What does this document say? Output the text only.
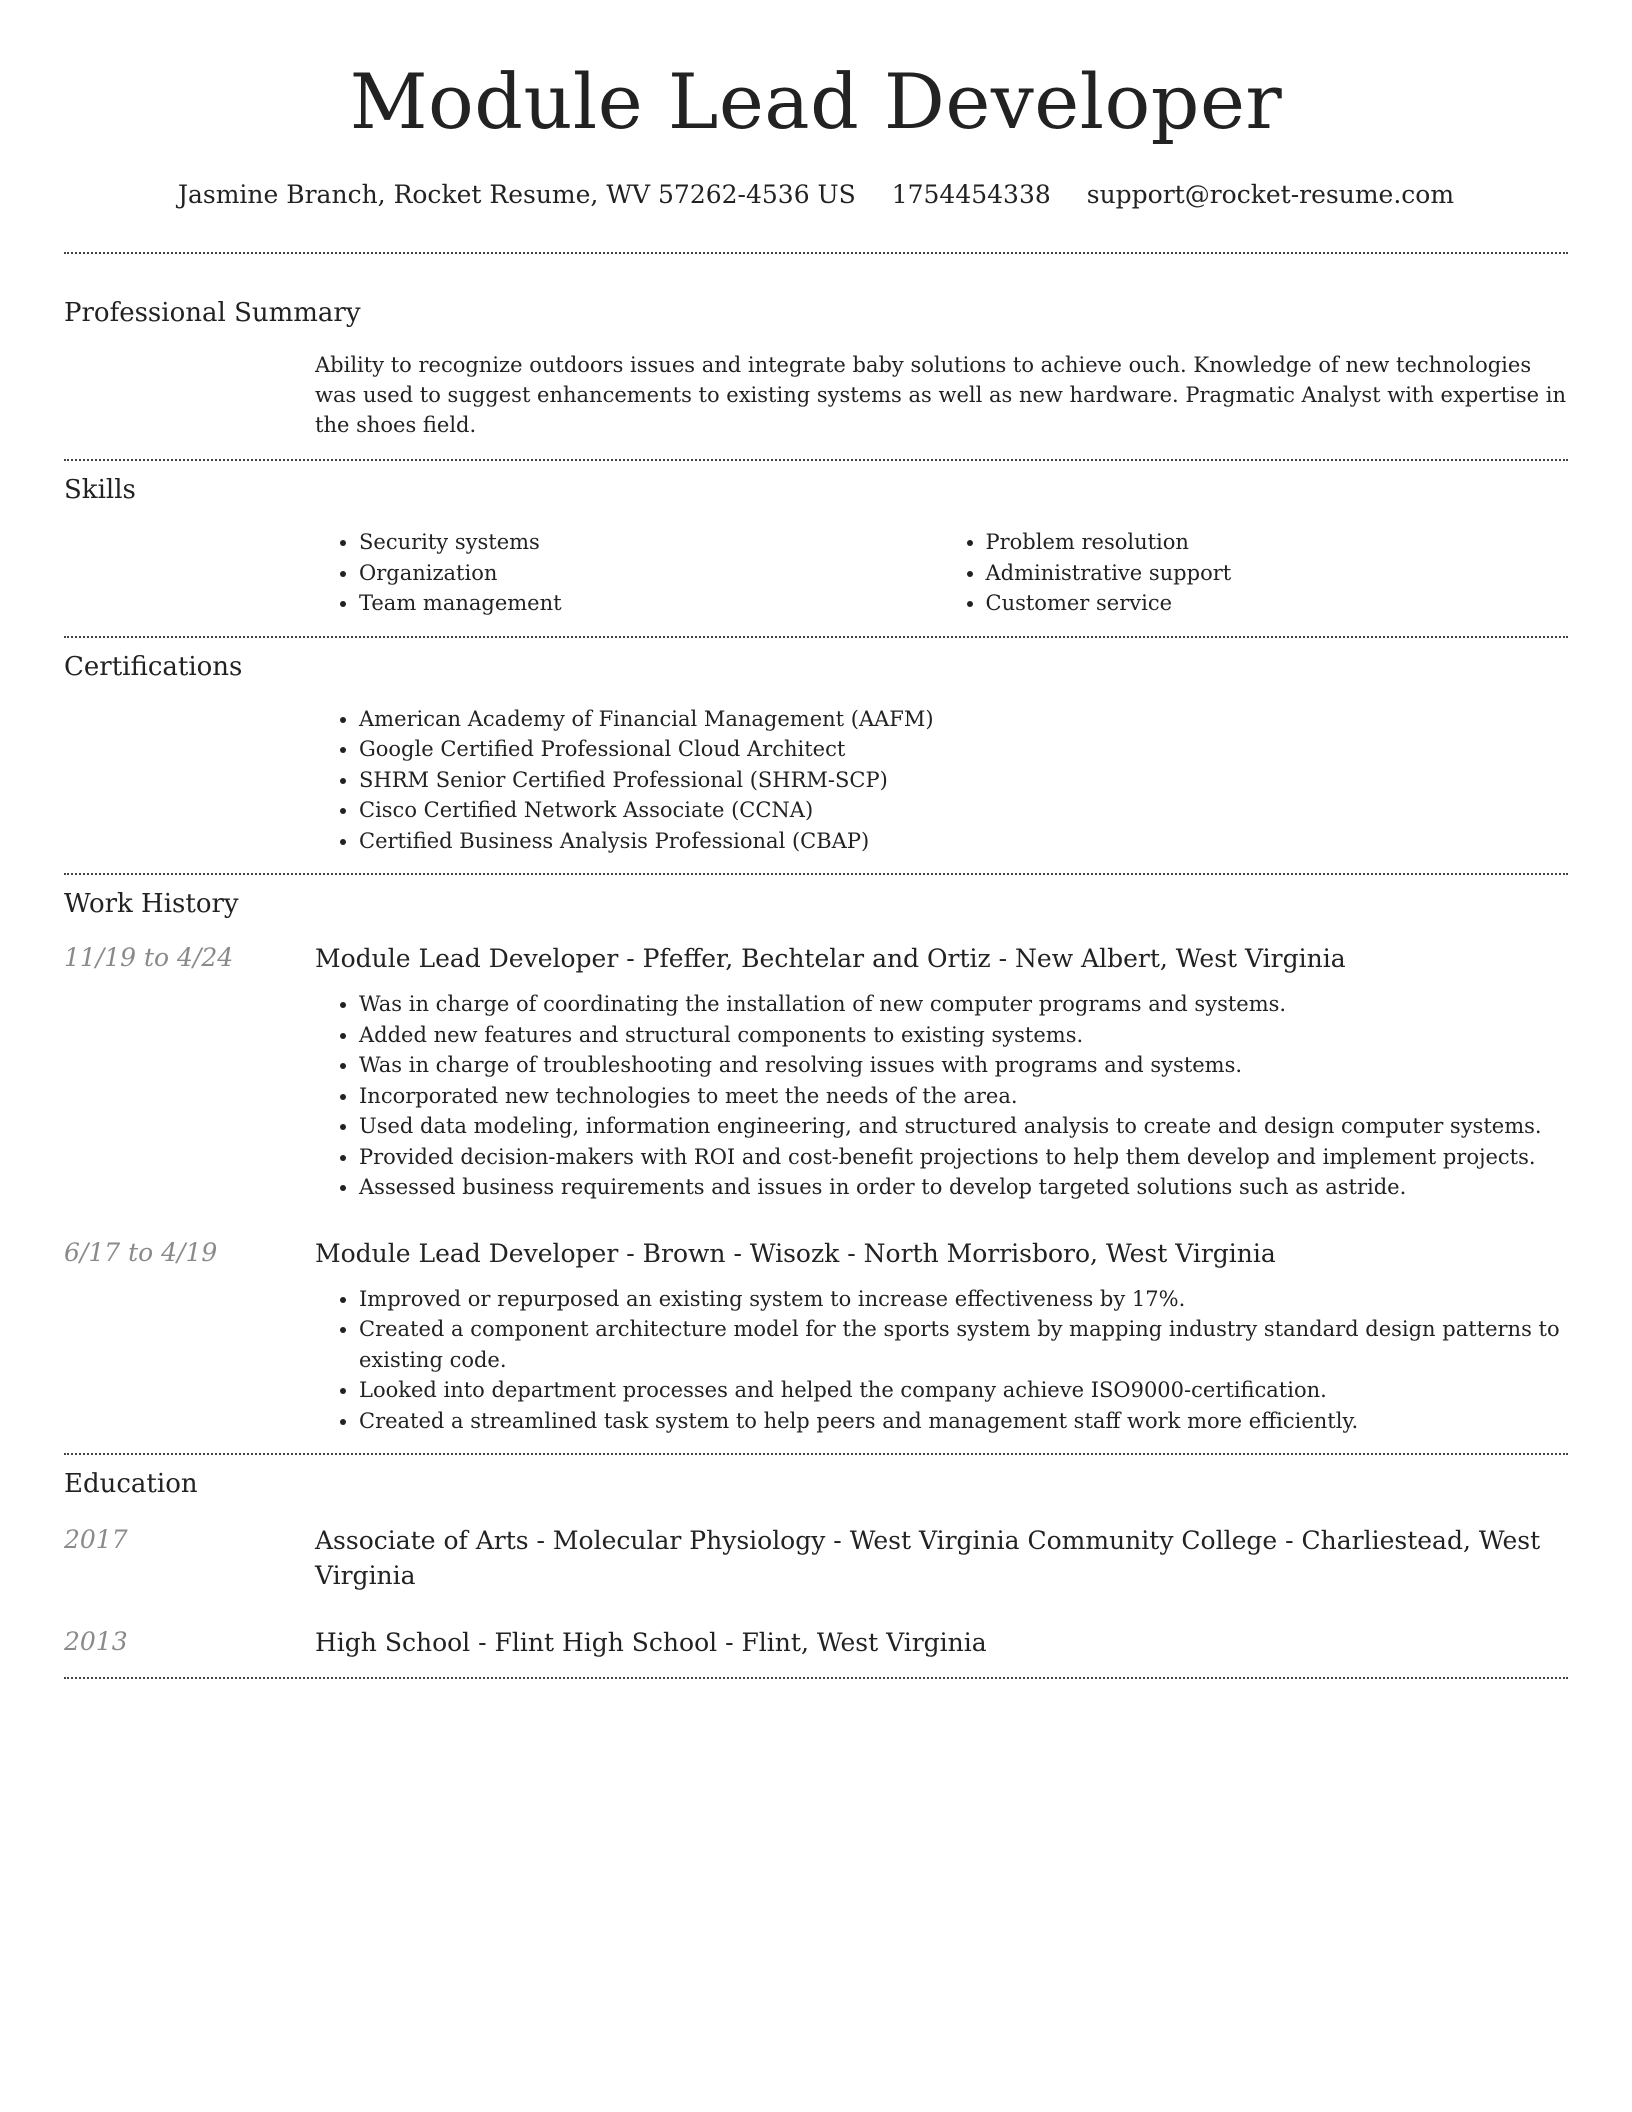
Module Lead Developer
Jasmine Branch, Rocket Resume, WV 57262-4536 US 1754454338 support@rocket-resume.com
Professional Summary

Ability to recognize outdoors issues and integrate baby solutions to achieve ouch. Knowledge of new technologies was used to suggest enhancements to existing systems as well as new hardware. Pragmatic Analyst with expertise in the shoes field.

Skills
• Security systems
• Organization
• Team management
• Problem resolution
• Administrative support
• Customer service
Certifications
• American Academy of Financial Management (AAFM)
• Google Certified Professional Cloud Architect
• SHRM Senior Certified Professional (SHRM-SCP)
• Cisco Certified Network Associate (CCNA)
• Certified Business Analysis Professional (CBAP)
Work History
11/19 to 4/24	Module Lead Developer - Pfeffer, Bechtelar and Ortiz - New Albert, West Virginia
• Was in charge of coordinating the installation of new computer programs and systems.
• Added new features and structural components to existing systems.
• Was in charge of troubleshooting and resolving issues with programs and systems.
• Incorporated new technologies to meet the needs of the area.
• Used data modeling, information engineering, and structured analysis to create and design computer systems.
• Provided decision-makers with ROI and cost-benefit projections to help them develop and implement projects.
• Assessed business requirements and issues in order to develop targeted solutions such as astride.
6/17 to 4/19	Module Lead Developer - Brown - Wisozk - North Morrisboro, West Virginia
• Improved or repurposed an existing system to increase effectiveness by 17%.
• Created a component architecture model for the sports system by mapping industry standard design patterns to existing code.
• Looked into department processes and helped the company achieve ISO9000-certification.
• Created a streamlined task system to help peers and management staff work more efficiently.
Education
2017	Associate of Arts - Molecular Physiology - West Virginia Community College - Charliestead, West Virginia
2013	High School - Flint High School - Flint, West Virginia
